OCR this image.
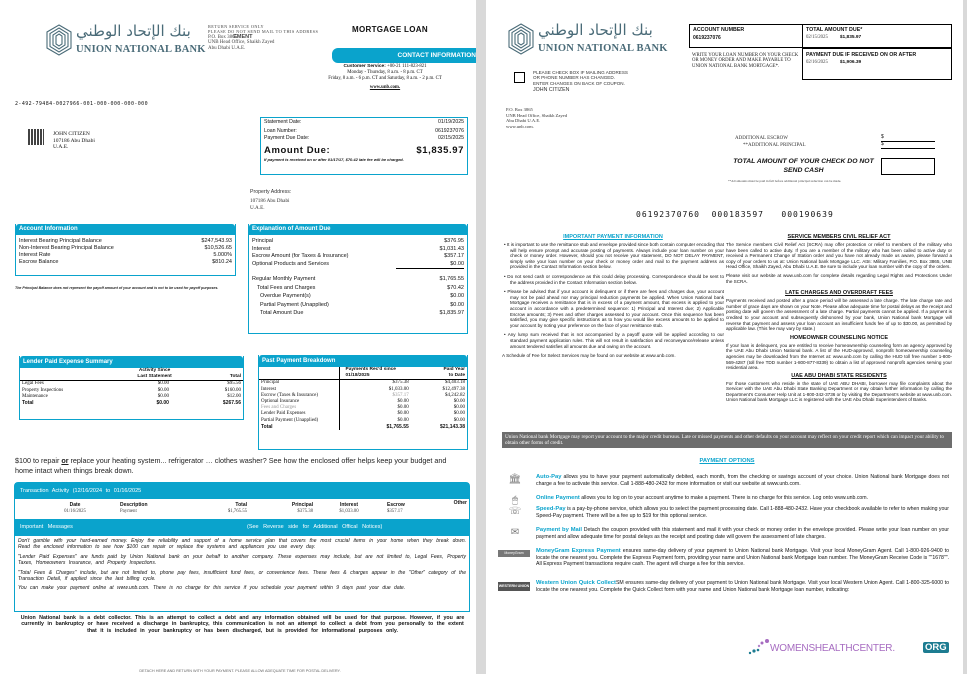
بنك الإتحاد الوطني
UNION NATIONAL BANK
RETURN SERVICE ONLY
PLEASE DO NOT SEND MAIL TO THIS ADDRESS
P.O. Box 3865EMENT
UNB Head Office, Shaikh Zayed
Abu Dhabi U.A.E.
MORTGAGE LOAN
CONTACT INFORMATION
Customer Service: +00-21 111-823-821
Monday - Thursday, 8 a.m. - 8 p.m. CT
Friday, 8 a.m. - 6 p.m. CT and Saturday, 8 a.m. - 2 p.m. CT
www.unb.com.
2-492-79484-0027966-001-000-000-000-000
JOHN CITIZEN
107186 Abu Dhabi
U.A.E.
Statement Date:	01/19/2025
Loan Number:	0619237076
Payment Due Date:	02/15/2025
Amount Due:	$1,835.97
If payment is received on or after 01/17/17, $70.42 late fee will be charged.
Property Address:
107186 Abu Dhabi
U.A.E.
Account Information
Interest Bearing Principal Balance	$247,543.93
Non-Interest Bearing Principal Balance	$10,526.65
Interest Rate	5.000%
Escrow Balance	$810.24
The Principal Balance does not represent the payoff amount of your account and is not to be used for payoff purposes.
Explanation of Amount Due
Principal	$376.95
Interest	$1,031.43
Escrow Amount (for Taxes & Insurance)	$357.17
Optional Products and Services	$0.00
Regular Monthly Payment	$1,765.55
Total Fees and Charges	$70.42
Overdue Payment(s)	$0.00
Partial Payment (Unapplied)	$0.00
Total Amount Due	$1,835.97
Lender Paid Expense Summary
	Activity Since	
	Last Statement	Total
Legal Fees	$0.00	$95.56
Property Inspections	$0.00	$160.00
Maintenance	$0.00	$12.00
Total	$0.00	$267.56
Past Payment Breakdown
	Payments Rec'd since	Paid Year
	01/18/2025	to Date
Principal	$375.38	$4,403.18
Interest	$1,033.00	$12,497.38
Escrow (Taxes & Insurance)	$357.17	$4,242.82
Optional Insurance	$0.00	$0.00
Fees and Charges	$0.00	$0.00
Lender Paid Expenses	$0.00	$0.00
Partial Payment (Unapplied)	$0.00	$0.00
Total	$1,765.55	$21,143.38
$100 to repair or replace your heating system... refrigerator … clothes washer? See how the enclosed offer helps keep your budget and home intact when things break down.
Transaction Activity (12/16/2024 to 01/16/2025
Date	Description	Total	Principal	Interest	Escrow	Other
01/16/2025	Payment	$1,765.55	$375.38	$1,033.00	$357.17
Important Messages	(See Reverse side for Additional Offical Notices)
Don't gamble with your hard-earned money. Enjoy the reliability and support of a home service plan that covers the most crucial items in your home when they break down. Read the enclosed information to see how $100 can repair or replace the systems and appliances you use every day.
"Lender Paid Expenses" are funds paid by Union National bank on your behalf to another company. These expenses may include, but are not limited to, Legal Fees, Property Taxes, Homeowners Insurance, and Property Inspections.
"Total Fees & Charges" include, but are not limited to, phone pay fees, insufficient fund fees, or convenience fees. These fees & charges appear in the "Other" category of the Transaction Detail, if applied since the last billing cycle.
You can make your payment online at www.unb.com. There is no charge for this service if you schedule your payment within 9 days past your due date.
Union National bank is a debt collector. This is an attempt to collect a debt and any information obtained will be used for that purpose. However, if you are currently in bankruptcy or have received a discharge in bankruptcy, this communication is not an attempt to collect a debt from you personally to the extent that it is included in your bankruptcy or has been discharged, but is provided for informational purposes only.
DETACH HERE AND RETURN WITH YOUR PAYMENT. PLEASE ALLOW ADEQUATE TIME FOR POSTAL DELIVERY.
بنك الإتحاد الوطني
UNION NATIONAL BANK
PLEASE CHECK BOX IF MAILING ADDRESS
OR PHONE NUMBER HAS CHANGED.
ENTER CHANGES ON BACK OF COUPON.
JOHN CITIZEN
ACCOUNT NUMBER
0619237076
TOTAL AMOUNT DUE*
02/15/2025	$1,835.97
WRITE YOUR LOAN NUMBER ON YOUR CHECK OR MONEY ORDER AND MAKE PAYABLE TO UNION NATIONAL BANK MORTGAGE*.
PAYMENT DUE IF RECEIVED ON OR AFTER
02/16/2025	$1,906.39
P.O. Box 3865
UNB Head Office, Shaikh Zayed
Abu Dhabi U.A.E.
www.unb.com.
ADDITIONAL ESCROW	$
**ADDITIONAL PRINCIPAL	$
TOTAL AMOUNT OF YOUR CHECK DO NOT
SEND CASH
**All amounts must be paid in full before additional principal reduction can be made.
06192370760  000183597   000190639
IMPORTANT PAYMENT INFORMATION
• It is important to use the remittance stub and envelope provided since both contain computer encoding that will help ensure prompt and accurate posting of payments. Always include your loan number on your check or money order. However, should you not receive your statement, DO NOT DELAY PAYMENT, simply write your loan number on your check or money order and mail to the payment address as provided in the Contact Information section below.
• Do not send cash or correspondence as this could delay processing. Correspondence should be sent to the address provided in the Contact Information section below.
• Please be advised that if your account is delinquent or if there are fees and charges due, your account may not be paid ahead nor may principal reduction payments be applied. When Union National bank Mortgage receives a remittance that is in excess of a payment amount, that excess is applied to your account in accordance with a predetermined sequence: 1) Principal and Interest due; 2) Applicable Escrow amounts; 3) Fees and other charges assessed to your account. Once this sequence has been satisfied, you may give specific instructions as to how you would like excess amounts to be applied to your account by noting your preference on the face of your remittance stub.
• Any lump sum received that is not accompanied by a payoff quote will be applied according to our standard payment application rules. This will not result in satisfaction and reconveyance/release unless amount tendered satisfies all amounts due and owing on the account.
A Schedule of Fee for Select Services may be found on our website at www.unb.com.
SERVICE MEMBERS CIVIL RELIEF ACT
The Service members Civil Relief Act (SCRA) may offer protection or relief to members of the military who have been called to active duty. If you are a member of the military who has been called to active duty or received a Permanent Change of Station order and you have not already made us aware, please forward a copy of your orders to us at: Union National bank Mortgage LLC. Attn: Military Families, P.O. Box 3865, UNB Head Office, Shaikh Zayed, Abu Dhabi U.A.E. Be sure to include your loan number with the copy of the orders.
Please visit our website at www.unb.com for complete details regarding Legal Rights and Protections Under the SCRA.
LATE CHARGES AND OVERDRAFT FEES
Payments received and posted after a grace period will be assessed a late charge. The late charge rate and number of grace days are shown on your Note. Please allow adequate time for postal delays as the receipt and posting date will govern the assessment of a late charge. Partial payments cannot be applied. If a payment is credited to your account and subsequently dishonored by your bank, Union National bank Mortgage will reverse that payment and assess your loan account an insufficient funds fee of up to $30.00, as permitted by applicable law. (This fee may vary by state.)
HOMEOWNER COUNSELING NOTICE
If your loan is delinquent, you are entitled to receive homeownership counseling form an agency approved by the UAE Abu Dhabi Union National bank. A list of the HUD-approved, nonprofit homeownership counseling agencies may be downloaded from the Internet at: www.unb.com by calling the HUD toll free number 1-800-569-4287 (toll free TDD number 1-800-877-8339) to obtain a list of approved nonprofit agencies serving your residential area.
UAE ABU DHABI STATE RESIDENTS
For those customers who reside in the state of UAE ABU DHABI, borrower may file complaints about the Servicer with the UAE Abu Dhabi State Banking Department or may obtain further information by calling the Department's Consumer Help Unit at 1-800-342-3736 or by visiting the Department's website at www.unb.com. Union National bank Mortgage LLC is registered with the UAE Abu Dhabi Superintendent of Banks.
Union National bank Mortgage may report your account to the major credit bureaus. Late or missed payments and other defaults on your account may reflect on your credit report which can impact your ability to obtain other forms of credit.
PAYMENT OPTIONS
🏛	Auto-Pay allows you to have your payment automatically debited, each month, from the checking or savings account of your choice. Union National bank Mortgage does not charge a fee to activate this service. Call 1-888-480-2432 for more information or visit our website at www.unb.com.
🖱	Online Payment allows you to log on to your account anytime to make a payment. There is no charge for this service. Log onto www.unb.com.
☏	Speed-Pay is a pay-by-phone service, which allows you to select the payment processing date. Call 1-888-480-2432. Have your checkbook available to refer to when making your Speed-Pay payment. There will be a fee up to $19 for this optional service.
✉	Payment by Mail Detach the coupon provided with this statement and mail it with your check or money order in the envelope provided. Please write your loan number on your payment and allow adequate time for postal delays as the receipt and posting date will govern the assessment of late charges.
MoneyGram	MoneyGram Express Payment ensures same-day delivery of your payment to Union National bank Mortgage. Visit your local MoneyGram Agent. Call 1-800-926-9400 to locate the one nearest you. Complete the Express Payment form, providing your name and Union National bank Mortgage loan number. The MoneyGram Receive Code is ""1678"". All Express Payment transactions require cash. The agent will charge a fee for this service.
WESTERN UNION Western Union Quick CollectSM ensures same-day delivery of your payment to Union National bank Mortgage. Visit your local Western Union Agent. Call 1-800-325-6000 to locate the one nearest you. Complete the Quick Collect form with your name and Union National bank Mortgage loan number, indicating:
WOMENSHEALTHCENTER.	ORG
